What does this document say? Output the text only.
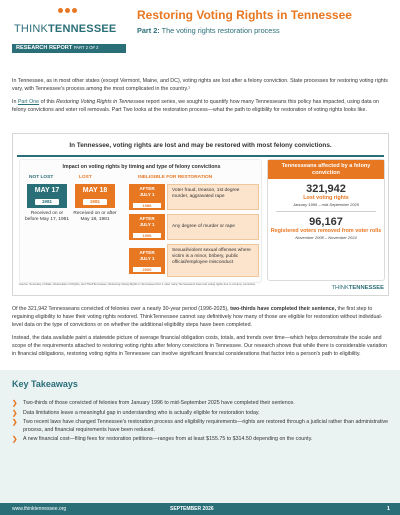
THINKTENNESSEE
RESEARCH REPORT PART 2 OF 2
Restoring Voting Rights in Tennessee
Part 2: The voting rights restoration process

In Tennessee, as in most other states (except Vermont, Maine, and DC), voting rights are lost after a felony conviction. State processes for restoring voting rights vary, with Tennessee's process among the most complicated in the country.¹

In Part One of this Restoring Voting Rights in Tennessee report series, we sought to quantify how many Tennesseans this policy has impacted, using data on felony convictions and voter roll removals. Part Two looks at the restoration process—what the path to eligibility for restoration of voting rights looks like.

In Tennessee, voting rights are lost and may be restored with most felony convictions.
Impact on voting rights by timing and type of felony convictions
NOT LOST	LOST	INELIGIBLE FOR RESTORATION
MAY 17
1981
Received on or before May 17, 1981
MAY 18
1981
Received on or after May 18, 1981
AFTER
JULY 1
1986
Voter fraud, treason, 1st degree murder, aggravated rape
AFTER
JULY 1
1996
Any degree of murder or rape
AFTER
JULY 1
2006
Sexual/violent sexual offenses where victim is a minor, bribery, public official/employee misconduct
Source: Secretary of State, Restoration of Rights, and ThinkTennessee, Restoring Voting Rights in Tennessee Part 1: How many Tennesseans have lost voting rights due to a felony conviction.
Tennesseans affected by a felony conviction
321,942
Lost voting rights
January 1996 – mid-September 2025
96,167
Registered voters removed from voter rolls
November 2008 – November 2024
THINKTENNESSEE

Of the 321,942 Tennesseans convicted of felonies over a nearly 30-year period (1996-2025), two-thirds have completed their sentence, the first step to regaining eligibility to have their voting rights restored. ThinkTennessee cannot say definitively how many of those are eligible for restoration without individual-level data on the type of convictions or on whether the additional eligibility steps have been completed.

Instead, the data available paint a statewide picture of average financial obligation costs, totals, and trends over time—which helps demonstrate the scale and scope of the requirements attached to restoring voting rights after felony convictions in Tennessee. Our research shows that while there is considerable variation in financial obligations, restoring voting rights in Tennessee can involve significant financial considerations that factor into a person's path to eligibility.

Key Takeaways
❯ Two-thirds of those convicted of felonies from January 1996 to mid-September 2025 have completed their sentence.
❯ Data limitations leave a meaningful gap in understanding who is actually eligible for restoration today.
❯ Two recent laws have changed Tennessee's restoration process and eligibility requirements—rights are restored through a judicial rather than administrative process, and financial requirements have been reduced.
❯ A new financial cost—filing fees for restoration petitions—ranges from at least $155.75 to $314.50 depending on the county.
www.thinktennessee.org	SEPTEMBER 2026	1
